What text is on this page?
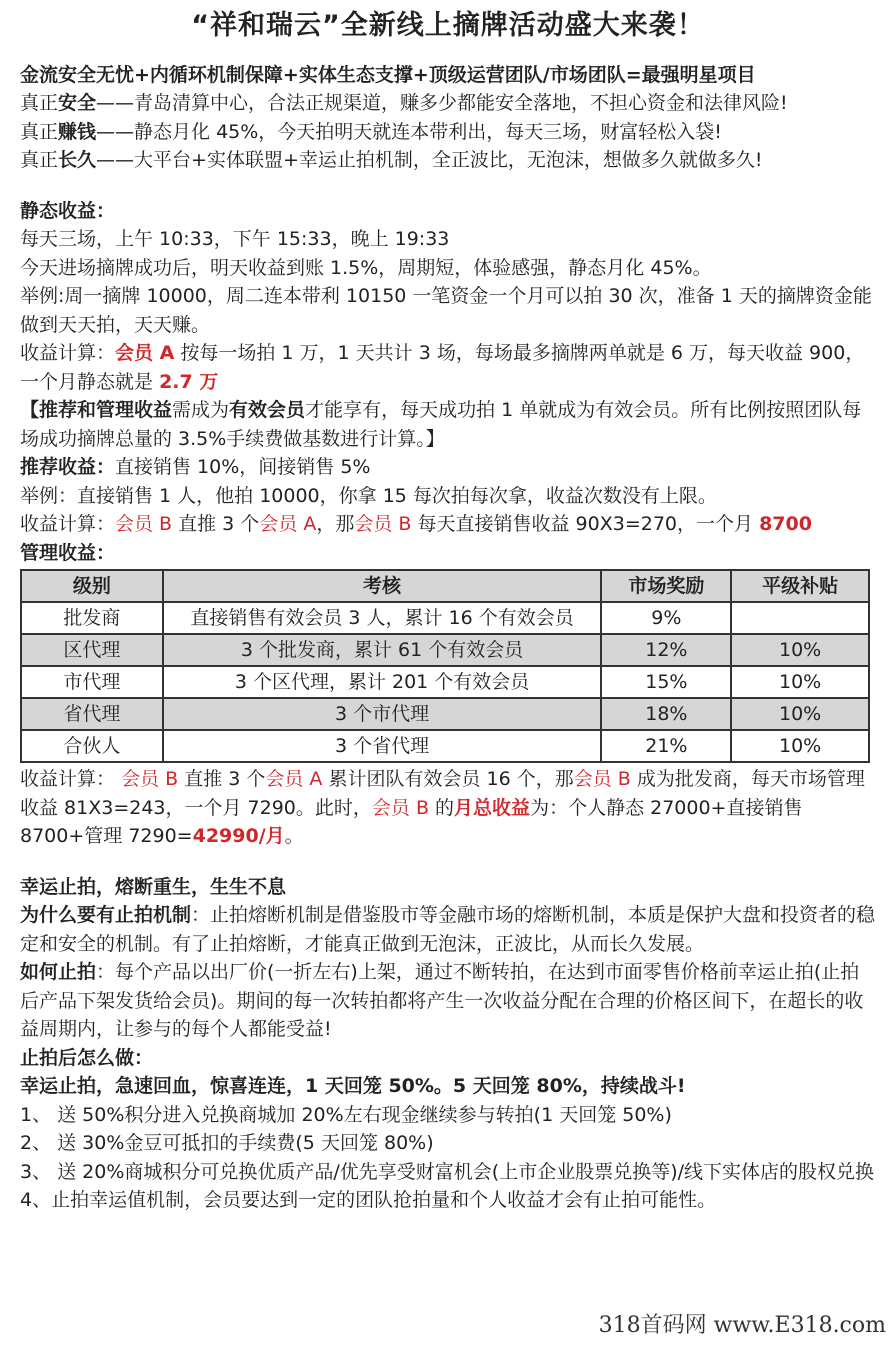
“祥和瑞云”全新线上摘牌活动盛大来袭！

金流安全无忧+内循环机制保障+实体生态支撑+顶级运营团队/市场团队=最强明星项目

真正安全——青岛清算中心，合法正规渠道，赚多少都能安全落地，不担心资金和法律风险!

真正赚钱——静态月化 45%，今天拍明天就连本带利出，每天三场，财富轻松入袋!

真正长久——大平台+实体联盟+幸运止拍机制，全正波比，无泡沫，想做多久就做多久!

静态收益：

每天三场，上午 10:33，下午 15:33，晚上 19:33

今天进场摘牌成功后，明天收益到账 1.5%，周期短，体验感强，静态月化 45%。

举例:周一摘牌 10000，周二连本带利 10150 一笔资金一个月可以拍 30 次，准备 1 天的摘牌资金能做到天天拍，天天赚。

收益计算：会员 A 按每一场拍 1 万，1 天共计 3 场，每场最多摘牌两单就是 6 万，每天收益 900，一个月静态就是 2.7 万

【推荐和管理收益需成为有效会员才能享有，每天成功拍 1 单就成为有效会员。所有比例按照团队每场成功摘牌总量的 3.5%手续费做基数进行计算。】

推荐收益：直接销售 10%，间接销售 5%

举例：直接销售 1 人，他拍 10000，你拿 15 每次拍每次拿，收益次数没有上限。

收益计算：会员 B 直推 3 个会员 A，那会员 B 每天直接销售收益 90X3=270，一个月 8700

管理收益：

级别	考核	市场奖励	平级补贴
批发商	直接销售有效会员 3 人，累计 16 个有效会员	9%	
区代理	3 个批发商，累计 61 个有效会员	12%	10%
市代理	3 个区代理，累计 201 个有效会员	15%	10%
省代理	3 个市代理	18%	10%
合伙人	3 个省代理	21%	10%

收益计算： 会员 B 直推 3 个会员 A 累计团队有效会员 16 个，那会员 B 成为批发商，每天市场管理收益 81X3=243，一个月 7290。此时，会员 B 的月总收益为：个人静态 27000+直接销售 8700+管理 7290=42990/月。

幸运止拍，熔断重生，生生不息

为什么要有止拍机制：止拍熔断机制是借鉴股市等金融市场的熔断机制，本质是保护大盘和投资者的稳定和安全的机制。有了止拍熔断，才能真正做到无泡沫，正波比，从而长久发展。

如何止拍：每个产品以出厂价(一折左右)上架，通过不断转拍，在达到市面零售价格前幸运止拍(止拍后产品下架发货给会员)。期间的每一次转拍都将产生一次收益分配在合理的价格区间下，在超长的收益周期内，让参与的每个人都能受益!

止拍后怎么做：

幸运止拍，急速回血，惊喜连连，1 天回笼 50%。5 天回笼 80%，持续战斗!

1、 送 50%积分进入兑换商城加 20%左右现金继续参与转拍(1 天回笼 50%)

2、 送 30%金豆可抵扣的手续费(5 天回笼 80%)

3、 送 20%商城积分可兑换优质产品/优先享受财富机会(上市企业股票兑换等)/线下实体店的股权兑换

4、止拍幸运值机制，会员要达到一定的团队抢拍量和个人收益才会有止拍可能性。

318首码网 www.E318.com
